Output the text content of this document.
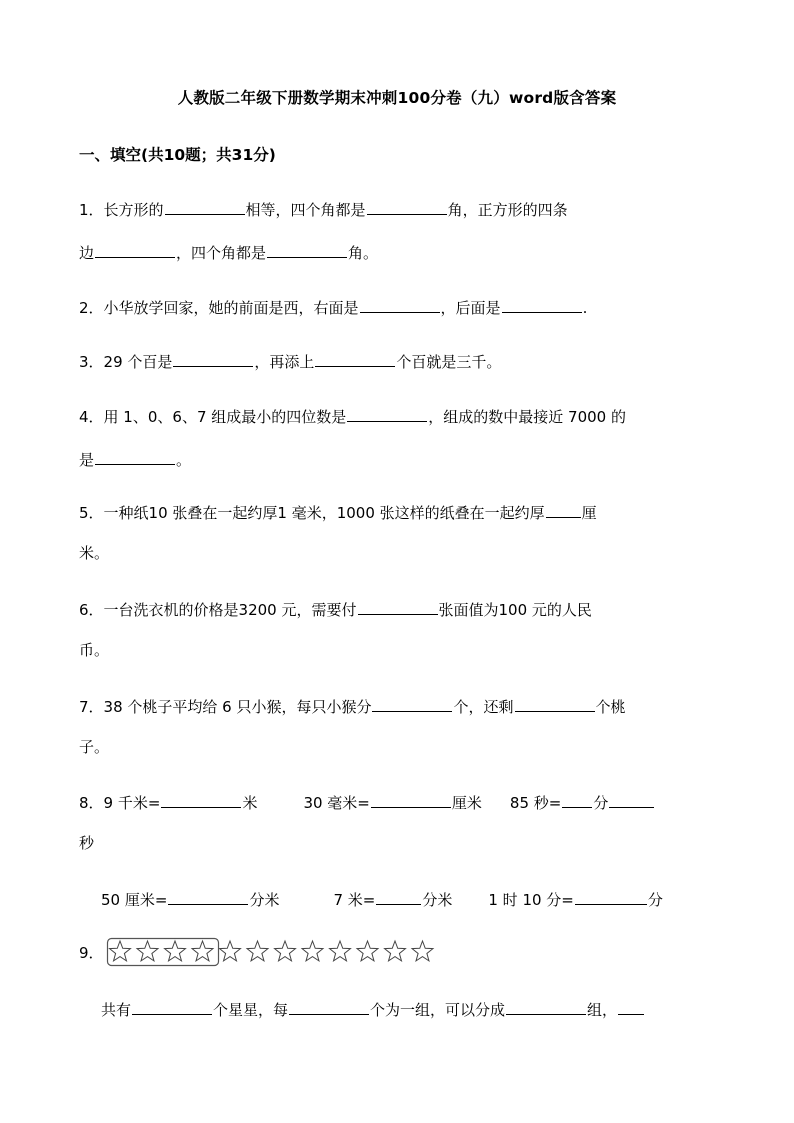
人教版二年级下册数学期末冲刺100分卷（九）word版含答案
一、填空(共10题；共31分)
1．长方形的	相等，四个角都是	角，正方形的四条
边	，四个角都是	角。
2．小华放学回家，她的前面是西，右面是	，后面是	.
3．29 个百是	，再添上	个百就是三千。
4．用 1、0、6、7 组成最小的四位数是	，组成的数中最接近 7000 的
是	。
5．一种纸10 张叠在一起约厚1 毫米，1000 张这样的纸叠在一起约厚 厘
米。
6．一台洗衣机的价格是3200 元，需要付	张面值为100 元的人民
币。
7．38 个桃子平均给 6 只小猴，每只小猴分	个，还剩	个桃
子。
8．9 千米=	米	30 毫米=	厘米 85 秒= 分
秒
50 厘米=	分米	7 米=	分米 1 时 10 分=	分
9．
共有	个星星，每	个为一组，可以分成	组，
